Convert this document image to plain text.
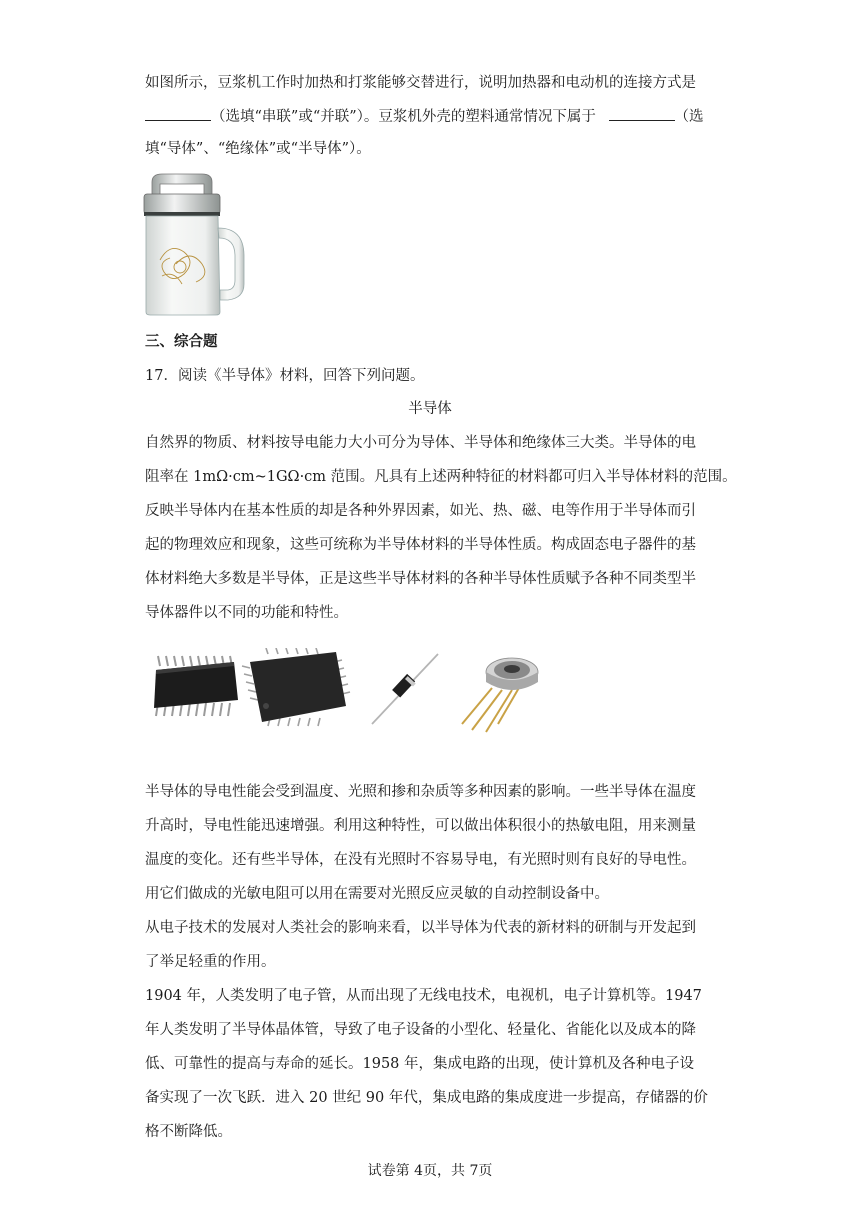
如图所示，豆浆机工作时加热和打浆能够交替进行，说明加热器和电动机的连接方式是
（选填“串联”或“并联”）。豆浆机外壳的塑料通常情况下属于	（选
填“导体”、“绝缘体”或“半导体”）。
三、综合题
17．阅读《半导体》材料，回答下列问题。
半导体
自然界的物质、材料按导电能力大小可分为导体、半导体和绝缘体三大类。半导体的电
阻率在 1mΩ·cm~1GΩ·cm 范围。凡具有上述两种特征的材料都可归入半导体材料的范围。
反映半导体内在基本性质的却是各种外界因素，如光、热、磁、电等作用于半导体而引
起的物理效应和现象，这些可统称为半导体材料的半导体性质。构成固态电子器件的基
体材料绝大多数是半导体，正是这些半导体材料的各种半导体性质赋予各种不同类型半
导体器件以不同的功能和特性。
半导体的导电性能会受到温度、光照和掺和杂质等多种因素的影响。一些半导体在温度
升高时，导电性能迅速增强。利用这种特性，可以做出体积很小的热敏电阻，用来测量
温度的变化。还有些半导体，在没有光照时不容易导电，有光照时则有良好的导电性。
用它们做成的光敏电阻可以用在需要对光照反应灵敏的自动控制设备中。
从电子技术的发展对人类社会的影响来看，以半导体为代表的新材料的研制与开发起到
了举足轻重的作用。
1904 年，人类发明了电子管，从而出现了无线电技术，电视机，电子计算机等。1947
年人类发明了半导体晶体管，导致了电子设备的小型化、轻量化、省能化以及成本的降
低、可靠性的提高与寿命的延长。1958 年，集成电路的出现，使计算机及各种电子设
备实现了一次飞跃．进入 20 世纪 90 年代，集成电路的集成度进一步提高，存储器的价
格不断降低。
试卷第 4页，共 7页
